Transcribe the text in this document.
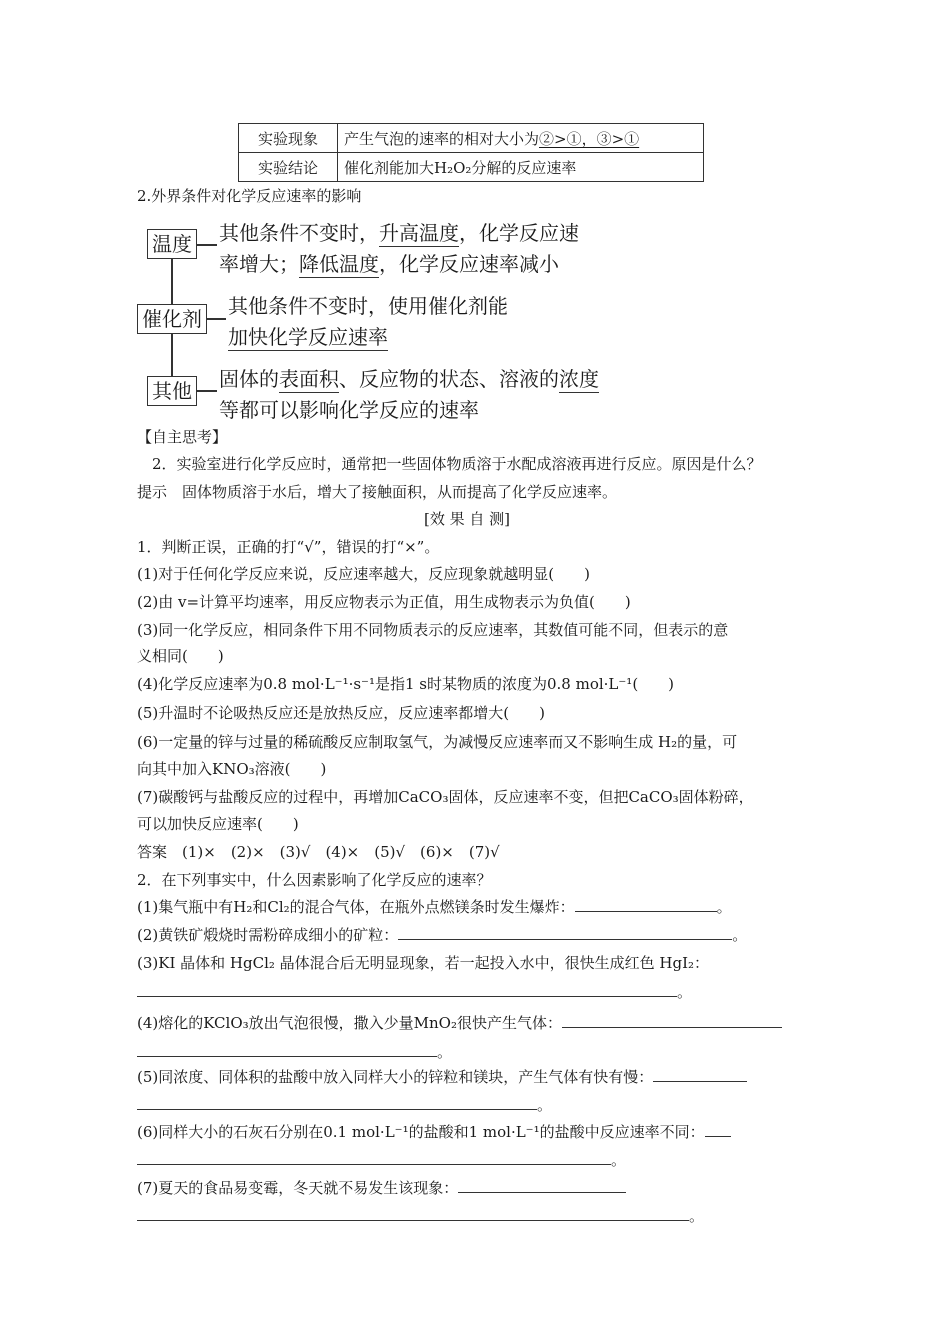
实验现象	产生气泡的速率的相对大小为②>①，③>①
实验结论	催化剂能加大H₂O₂分解的反应速率
2.外界条件对化学反应速率的影响
温度 其他条件不变时，升高温度，化学反应速
率增大；降低温度，化学反应速率减小
催化剂
其他条件不变时，使用催化剂能
加快化学反应速率
其他 固体的表面积、反应物的状态、溶液的浓度
等都可以影响化学反应的速率
【自主思考】
2．实验室进行化学反应时，通常把一些固体物质溶于水配成溶液再进行反应。原因是什么？
提示　固体物质溶于水后，增大了接触面积，从而提高了化学反应速率。
[效 果 自 测]
1．判断正误，正确的打“√”，错误的打“×”。
(1)对于任何化学反应来说，反应速率越大，反应现象就越明显(　　)
(2)由 v=计算平均速率，用反应物表示为正值，用生成物表示为负值(　　)
(3)同一化学反应，相同条件下用不同物质表示的反应速率，其数值可能不同，但表示的意
义相同(　　)
(4)化学反应速率为0.8 mol·L⁻¹·s⁻¹是指1 s时某物质的浓度为0.8 mol·L⁻¹(　　)
(5)升温时不论吸热反应还是放热反应，反应速率都增大(　　)
(6)一定量的锌与过量的稀硫酸反应制取氢气，为减慢反应速率而又不影响生成 H₂的量，可
向其中加入KNO₃溶液(　　)
(7)碳酸钙与盐酸反应的过程中，再增加CaCO₃固体，反应速率不变，但把CaCO₃固体粉碎，
可以加快反应速率(　　)
答案　(1)×　(2)×　(3)√　(4)×　(5)√　(6)×　(7)√
2．在下列事实中，什么因素影响了化学反应的速率？
(1)集气瓶中有H₂和Cl₂的混合气体，在瓶外点燃镁条时发生爆炸：	。
(2)黄铁矿煅烧时需粉碎成细小的矿粒：	。
(3)KI 晶体和 HgCl₂ 晶体混合后无明显现象，若一起投入水中，很快生成红色 HgI₂：
。
(4)熔化的KClO₃放出气泡很慢，撒入少量MnO₂很快产生气体：
。
(5)同浓度、同体积的盐酸中放入同样大小的锌粒和镁块，产生气体有快有慢：
。
(6)同样大小的石灰石分别在0.1 mol·L⁻¹的盐酸和1 mol·L⁻¹的盐酸中反应速率不同：
。
(7)夏天的食品易变霉，冬天就不易发生该现象：
。
